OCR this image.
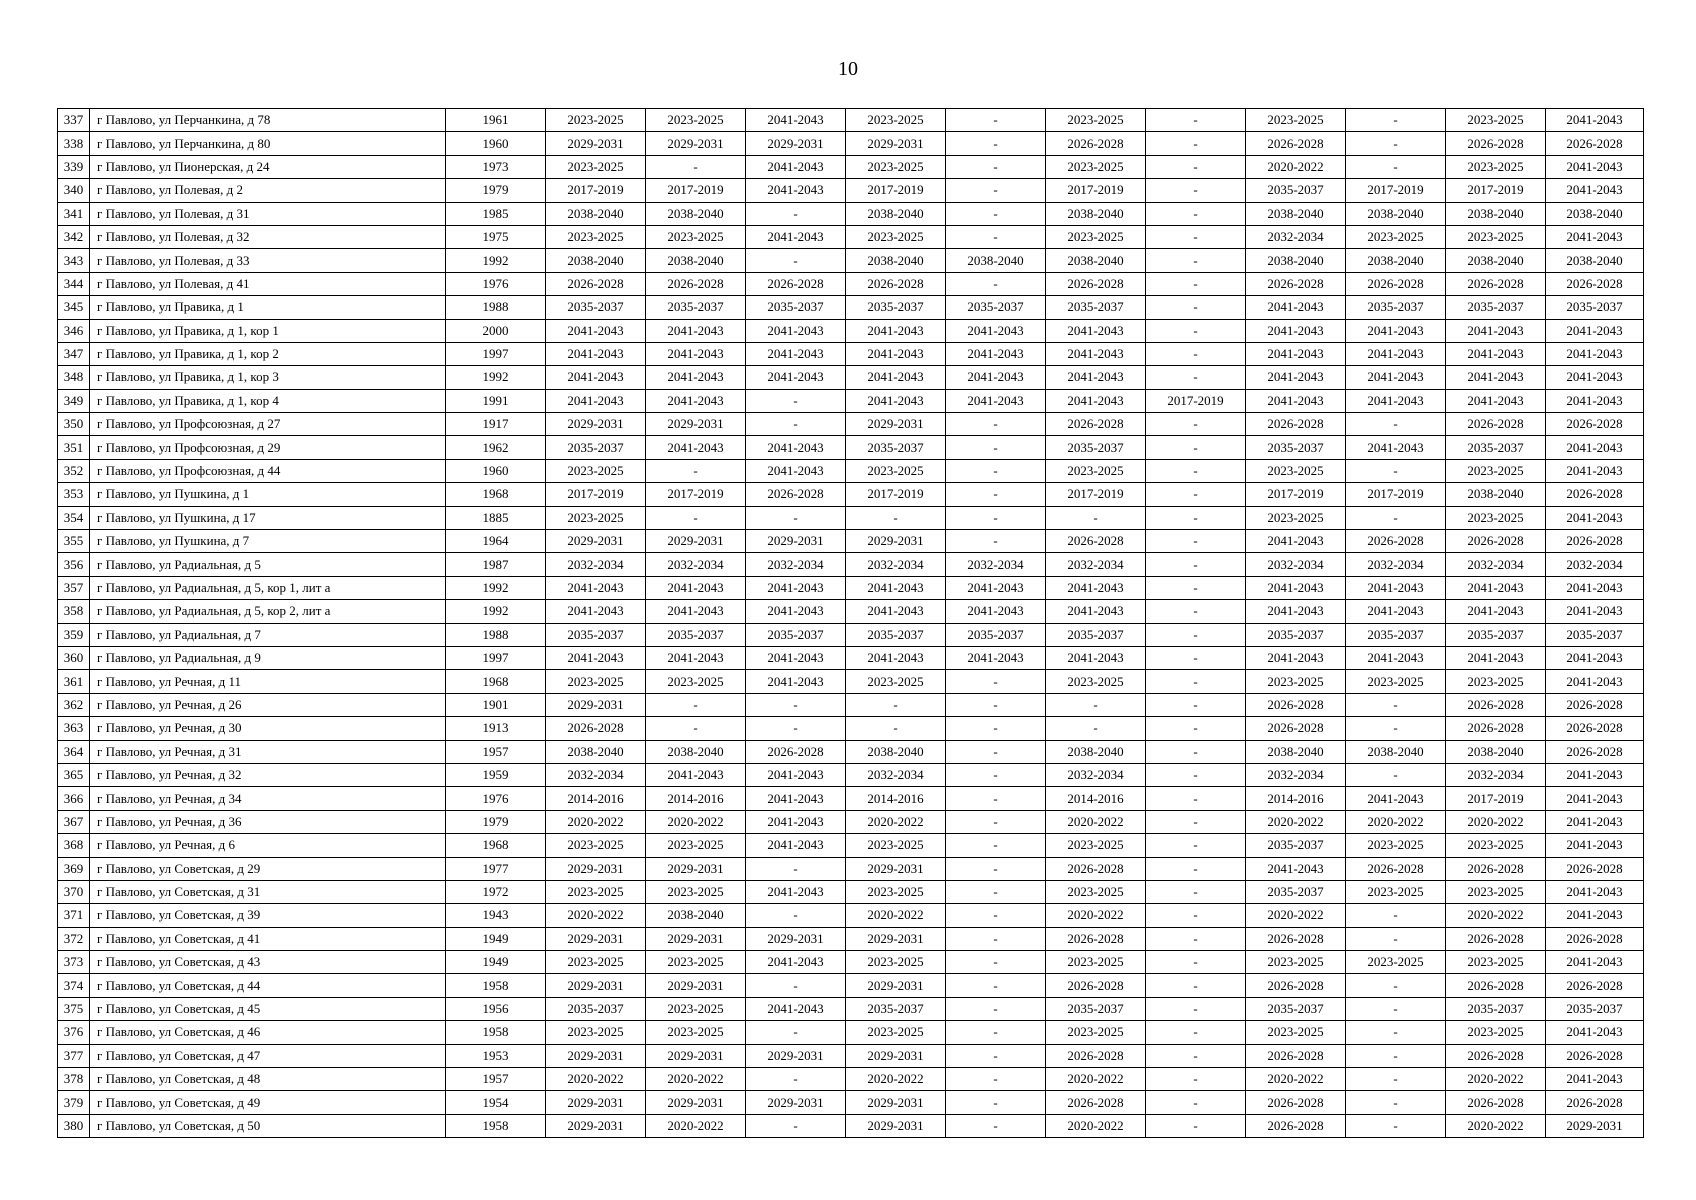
10
337	г Павлово, ул Перчанкина, д 78	1961	2023-2025	2023-2025	2041-2043	2023-2025	-	2023-2025	-	2023-2025	-	2023-2025	2041-2043
338	г Павлово, ул Перчанкина, д 80	1960	2029-2031	2029-2031	2029-2031	2029-2031	-	2026-2028	-	2026-2028	-	2026-2028	2026-2028
339	г Павлово, ул Пионерская, д 24	1973	2023-2025	-	2041-2043	2023-2025	-	2023-2025	-	2020-2022	-	2023-2025	2041-2043
340	г Павлово, ул Полевая, д 2	1979	2017-2019	2017-2019	2041-2043	2017-2019	-	2017-2019	-	2035-2037	2017-2019	2017-2019	2041-2043
341	г Павлово, ул Полевая, д 31	1985	2038-2040	2038-2040	-	2038-2040	-	2038-2040	-	2038-2040	2038-2040	2038-2040	2038-2040
342	г Павлово, ул Полевая, д 32	1975	2023-2025	2023-2025	2041-2043	2023-2025	-	2023-2025	-	2032-2034	2023-2025	2023-2025	2041-2043
343	г Павлово, ул Полевая, д 33	1992	2038-2040	2038-2040	-	2038-2040	2038-2040	2038-2040	-	2038-2040	2038-2040	2038-2040	2038-2040
344	г Павлово, ул Полевая, д 41	1976	2026-2028	2026-2028	2026-2028	2026-2028	-	2026-2028	-	2026-2028	2026-2028	2026-2028	2026-2028
345	г Павлово, ул Правика, д 1	1988	2035-2037	2035-2037	2035-2037	2035-2037	2035-2037	2035-2037	-	2041-2043	2035-2037	2035-2037	2035-2037
346	г Павлово, ул Правика, д 1, кор 1	2000	2041-2043	2041-2043	2041-2043	2041-2043	2041-2043	2041-2043	-	2041-2043	2041-2043	2041-2043	2041-2043
347	г Павлово, ул Правика, д 1, кор 2	1997	2041-2043	2041-2043	2041-2043	2041-2043	2041-2043	2041-2043	-	2041-2043	2041-2043	2041-2043	2041-2043
348	г Павлово, ул Правика, д 1, кор 3	1992	2041-2043	2041-2043	2041-2043	2041-2043	2041-2043	2041-2043	-	2041-2043	2041-2043	2041-2043	2041-2043
349	г Павлово, ул Правика, д 1, кор 4	1991	2041-2043	2041-2043	-	2041-2043	2041-2043	2041-2043	2017-2019	2041-2043	2041-2043	2041-2043	2041-2043
350	г Павлово, ул Профсоюзная, д 27	1917	2029-2031	2029-2031	-	2029-2031	-	2026-2028	-	2026-2028	-	2026-2028	2026-2028
351	г Павлово, ул Профсоюзная, д 29	1962	2035-2037	2041-2043	2041-2043	2035-2037	-	2035-2037	-	2035-2037	2041-2043	2035-2037	2041-2043
352	г Павлово, ул Профсоюзная, д 44	1960	2023-2025	-	2041-2043	2023-2025	-	2023-2025	-	2023-2025	-	2023-2025	2041-2043
353	г Павлово, ул Пушкина, д 1	1968	2017-2019	2017-2019	2026-2028	2017-2019	-	2017-2019	-	2017-2019	2017-2019	2038-2040	2026-2028
354	г Павлово, ул Пушкина, д 17	1885	2023-2025	-	-	-	-	-	-	2023-2025	-	2023-2025	2041-2043
355	г Павлово, ул Пушкина, д 7	1964	2029-2031	2029-2031	2029-2031	2029-2031	-	2026-2028	-	2041-2043	2026-2028	2026-2028	2026-2028
356	г Павлово, ул Радиальная, д 5	1987	2032-2034	2032-2034	2032-2034	2032-2034	2032-2034	2032-2034	-	2032-2034	2032-2034	2032-2034	2032-2034
357	г Павлово, ул Радиальная, д 5, кор 1, лит а	1992	2041-2043	2041-2043	2041-2043	2041-2043	2041-2043	2041-2043	-	2041-2043	2041-2043	2041-2043	2041-2043
358	г Павлово, ул Радиальная, д 5, кор 2, лит а	1992	2041-2043	2041-2043	2041-2043	2041-2043	2041-2043	2041-2043	-	2041-2043	2041-2043	2041-2043	2041-2043
359	г Павлово, ул Радиальная, д 7	1988	2035-2037	2035-2037	2035-2037	2035-2037	2035-2037	2035-2037	-	2035-2037	2035-2037	2035-2037	2035-2037
360	г Павлово, ул Радиальная, д 9	1997	2041-2043	2041-2043	2041-2043	2041-2043	2041-2043	2041-2043	-	2041-2043	2041-2043	2041-2043	2041-2043
361	г Павлово, ул Речная, д 11	1968	2023-2025	2023-2025	2041-2043	2023-2025	-	2023-2025	-	2023-2025	2023-2025	2023-2025	2041-2043
362	г Павлово, ул Речная, д 26	1901	2029-2031	-	-	-	-	-	-	2026-2028	-	2026-2028	2026-2028
363	г Павлово, ул Речная, д 30	1913	2026-2028	-	-	-	-	-	-	2026-2028	-	2026-2028	2026-2028
364	г Павлово, ул Речная, д 31	1957	2038-2040	2038-2040	2026-2028	2038-2040	-	2038-2040	-	2038-2040	2038-2040	2038-2040	2026-2028
365	г Павлово, ул Речная, д 32	1959	2032-2034	2041-2043	2041-2043	2032-2034	-	2032-2034	-	2032-2034	-	2032-2034	2041-2043
366	г Павлово, ул Речная, д 34	1976	2014-2016	2014-2016	2041-2043	2014-2016	-	2014-2016	-	2014-2016	2041-2043	2017-2019	2041-2043
367	г Павлово, ул Речная, д 36	1979	2020-2022	2020-2022	2041-2043	2020-2022	-	2020-2022	-	2020-2022	2020-2022	2020-2022	2041-2043
368	г Павлово, ул Речная, д 6	1968	2023-2025	2023-2025	2041-2043	2023-2025	-	2023-2025	-	2035-2037	2023-2025	2023-2025	2041-2043
369	г Павлово, ул Советская, д 29	1977	2029-2031	2029-2031	-	2029-2031	-	2026-2028	-	2041-2043	2026-2028	2026-2028	2026-2028
370	г Павлово, ул Советская, д 31	1972	2023-2025	2023-2025	2041-2043	2023-2025	-	2023-2025	-	2035-2037	2023-2025	2023-2025	2041-2043
371	г Павлово, ул Советская, д 39	1943	2020-2022	2038-2040	-	2020-2022	-	2020-2022	-	2020-2022	-	2020-2022	2041-2043
372	г Павлово, ул Советская, д 41	1949	2029-2031	2029-2031	2029-2031	2029-2031	-	2026-2028	-	2026-2028	-	2026-2028	2026-2028
373	г Павлово, ул Советская, д 43	1949	2023-2025	2023-2025	2041-2043	2023-2025	-	2023-2025	-	2023-2025	2023-2025	2023-2025	2041-2043
374	г Павлово, ул Советская, д 44	1958	2029-2031	2029-2031	-	2029-2031	-	2026-2028	-	2026-2028	-	2026-2028	2026-2028
375	г Павлово, ул Советская, д 45	1956	2035-2037	2023-2025	2041-2043	2035-2037	-	2035-2037	-	2035-2037	-	2035-2037	2035-2037
376	г Павлово, ул Советская, д 46	1958	2023-2025	2023-2025	-	2023-2025	-	2023-2025	-	2023-2025	-	2023-2025	2041-2043
377	г Павлово, ул Советская, д 47	1953	2029-2031	2029-2031	2029-2031	2029-2031	-	2026-2028	-	2026-2028	-	2026-2028	2026-2028
378	г Павлово, ул Советская, д 48	1957	2020-2022	2020-2022	-	2020-2022	-	2020-2022	-	2020-2022	-	2020-2022	2041-2043
379	г Павлово, ул Советская, д 49	1954	2029-2031	2029-2031	2029-2031	2029-2031	-	2026-2028	-	2026-2028	-	2026-2028	2026-2028
380	г Павлово, ул Советская, д 50	1958	2029-2031	2020-2022	-	2029-2031	-	2020-2022	-	2026-2028	-	2020-2022	2029-2031
